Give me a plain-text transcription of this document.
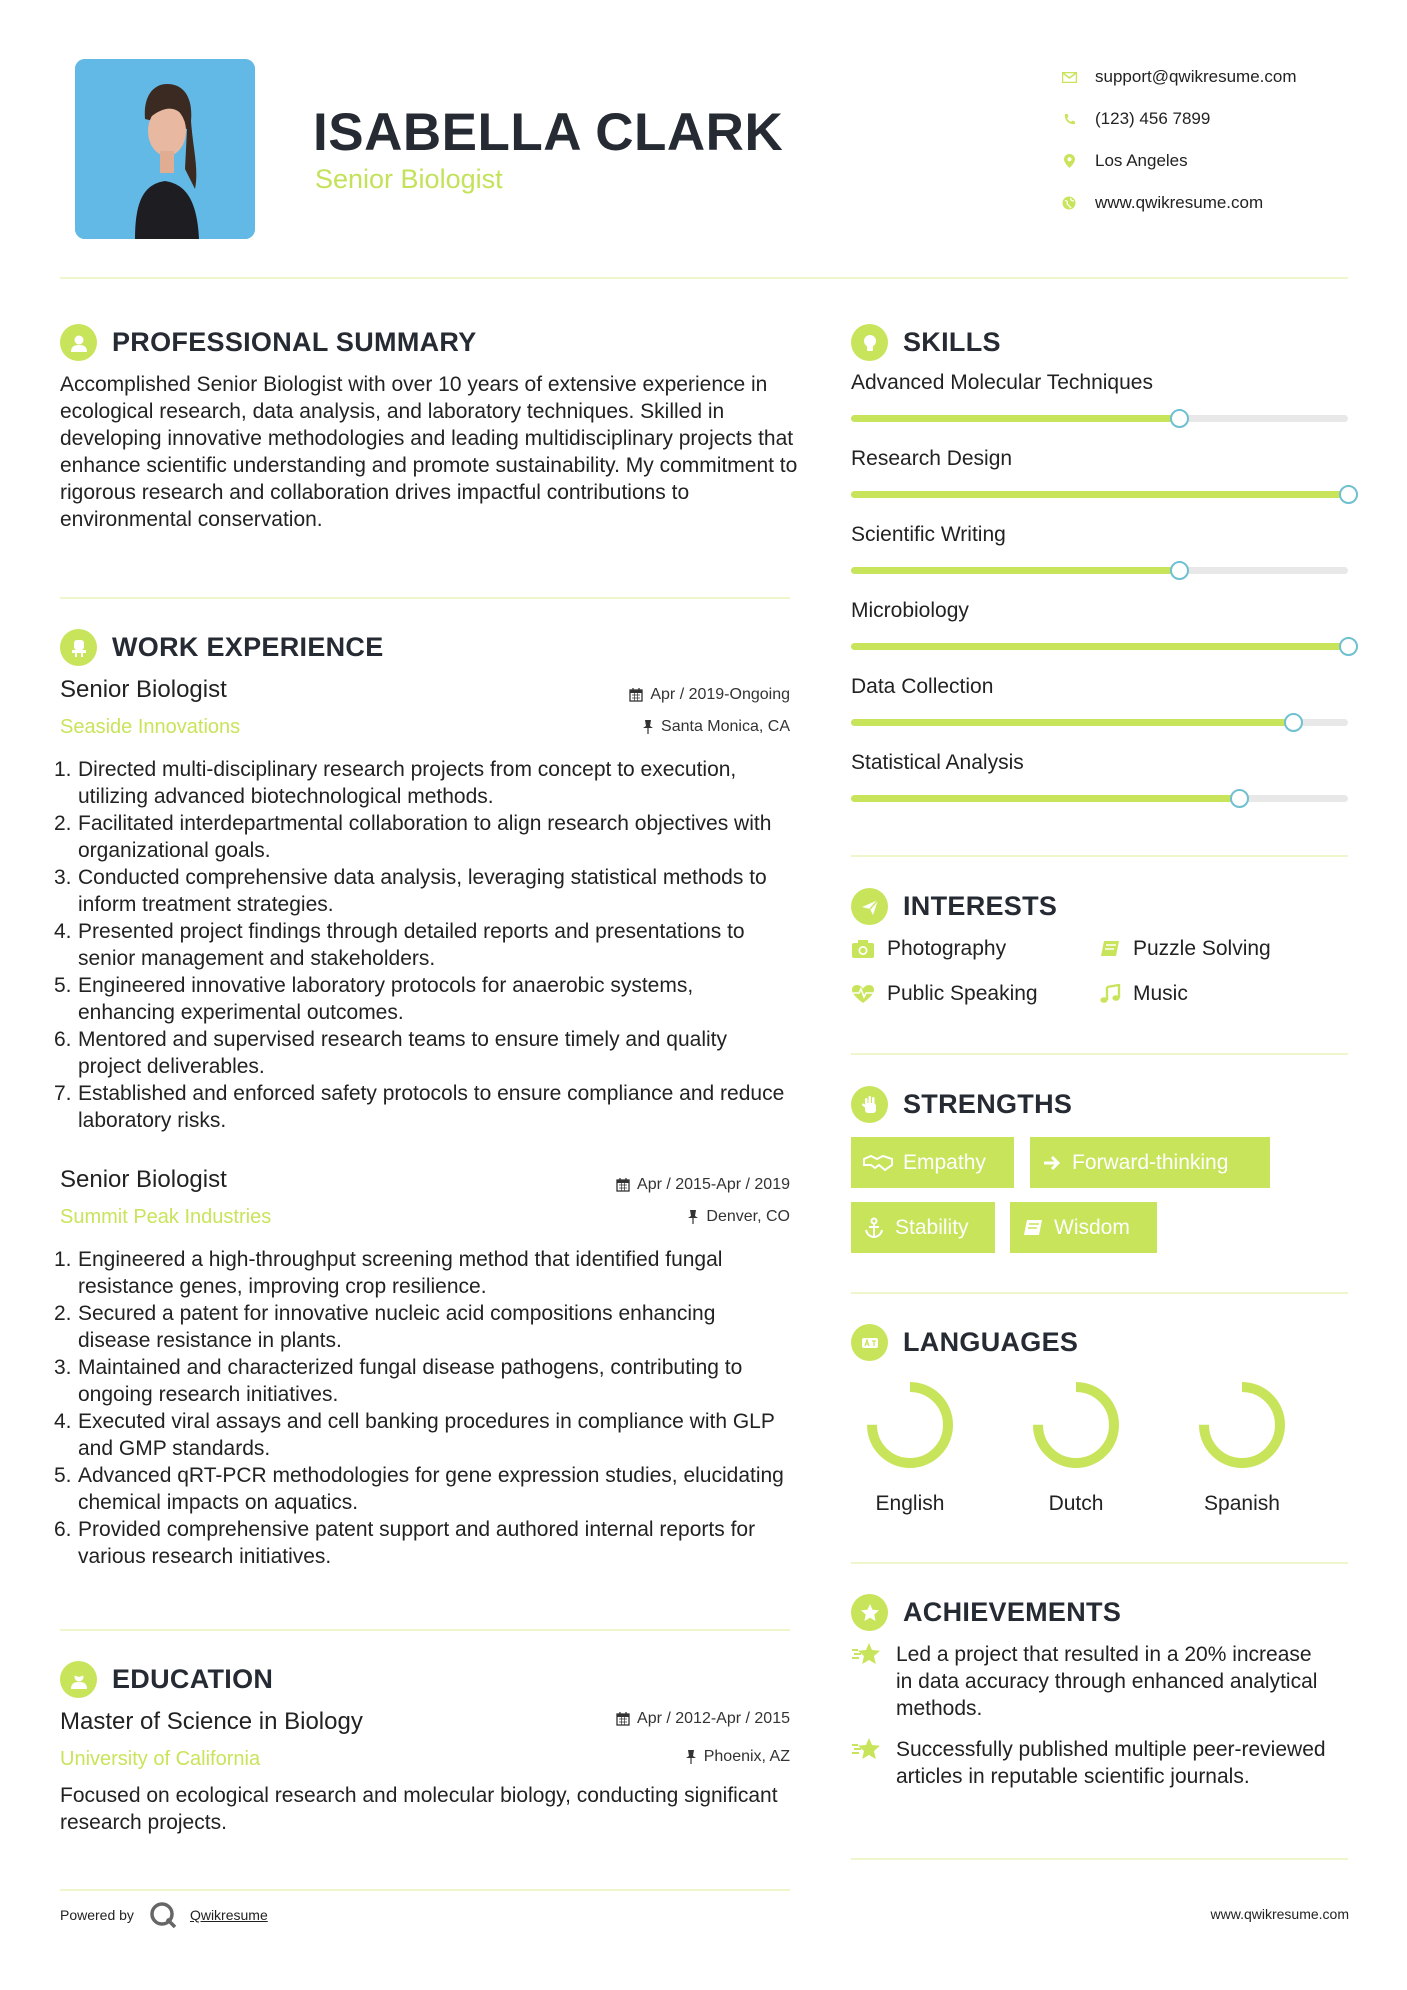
ISABELLA CLARK
Senior Biologist
support@qwikresume.com
(123) 456 7899
Los Angeles
www.qwikresume.com
PROFESSIONAL SUMMARY
Accomplished Senior Biologist with over 10 years of extensive experience in ecological research, data analysis, and laboratory techniques. Skilled in developing innovative methodologies and leading multidisciplinary projects that enhance scientific understanding and promote sustainability. My commitment to rigorous research and collaboration drives impactful contributions to environmental conservation.
WORK EXPERIENCE
Senior Biologist	Apr / 2019-Ongoing
Seaside Innovations	Santa Monica, CA
1. Directed multi-disciplinary research projects from concept to execution, utilizing advanced biotechnological methods.
2. Facilitated interdepartmental collaboration to align research objectives with organizational goals.
3. Conducted comprehensive data analysis, leveraging statistical methods to inform treatment strategies.
4. Presented project findings through detailed reports and presentations to senior management and stakeholders.
5. Engineered innovative laboratory protocols for anaerobic systems, enhancing experimental outcomes.
6. Mentored and supervised research teams to ensure timely and quality project deliverables.
7. Established and enforced safety protocols to ensure compliance and reduce laboratory risks.
Senior Biologist	Apr / 2015-Apr / 2019
Summit Peak Industries	Denver, CO
1. Engineered a high-throughput screening method that identified fungal resistance genes, improving crop resilience.
2. Secured a patent for innovative nucleic acid compositions enhancing disease resistance in plants.
3. Maintained and characterized fungal disease pathogens, contributing to ongoing research initiatives.
4. Executed viral assays and cell banking procedures in compliance with GLP and GMP standards.
5. Advanced qRT-PCR methodologies for gene expression studies, elucidating chemical impacts on aquatics.
6. Provided comprehensive patent support and authored internal reports for various research initiatives.
EDUCATION
Master of Science in Biology	Apr / 2012-Apr / 2015
University of California	Phoenix, AZ
Focused on ecological research and molecular biology, conducting significant research projects.
SKILLS
Advanced Molecular Techniques
Research Design
Scientific Writing
Microbiology
Data Collection
Statistical Analysis
INTERESTS
Photography	Puzzle Solving
Public Speaking	Music
STRENGTHS
Empathy	Forward-thinking
Stability	Wisdom
LANGUAGES
English	Dutch	Spanish
ACHIEVEMENTS
Led a project that resulted in a 20% increase in data accuracy through enhanced analytical methods.
Successfully published multiple peer-reviewed articles in reputable scientific journals.
Powered by	Qwikresume	www.qwikresume.com
